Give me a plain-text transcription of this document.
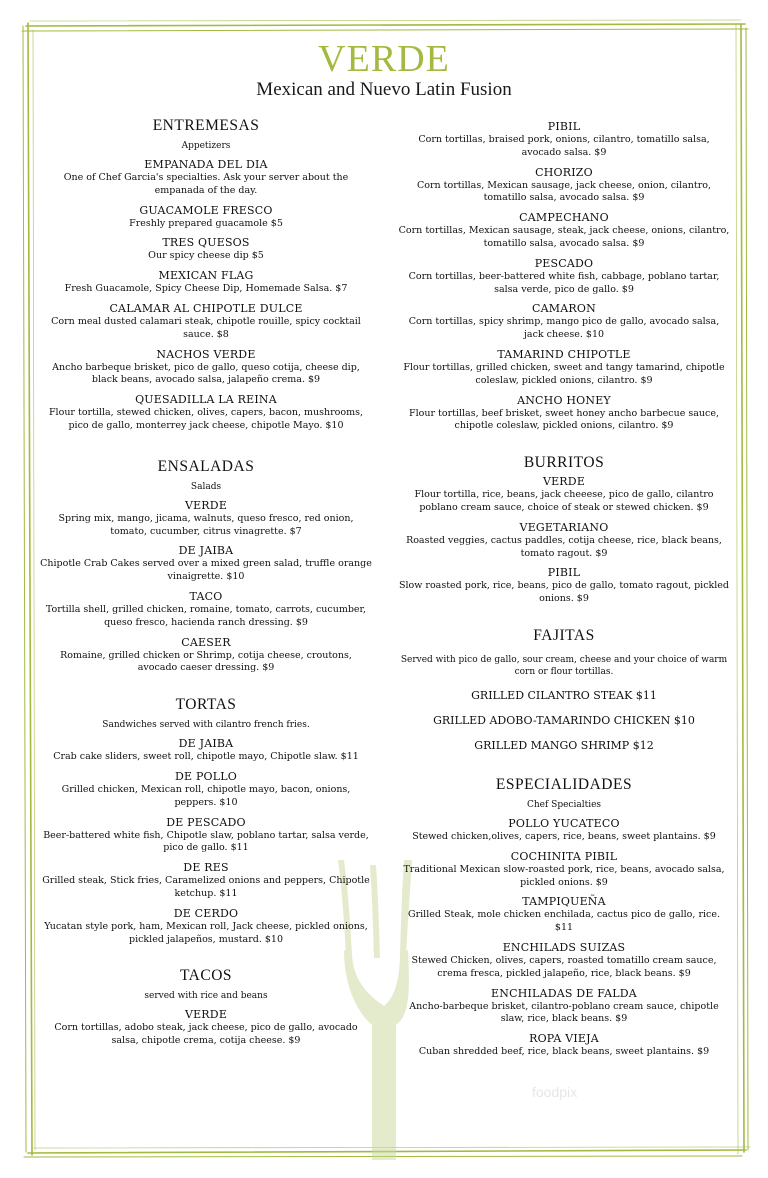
VERDE
Mexican and Nuevo Latin Fusion
ENTREMESAS
Appetizers
EMPANADA DEL DIA
One of Chef Garcia's specialties. Ask your server about the empanada of the day.
GUACAMOLE FRESCO
Freshly prepared guacamole $5
TRES QUESOS
Our spicy cheese dip $5
MEXICAN FLAG
Fresh Guacamole, Spicy Cheese Dip, Homemade Salsa. $7
CALAMAR AL CHIPOTLE DULCE
Corn meal dusted calamari steak, chipotle rouille, spicy cocktail sauce. $8
NACHOS VERDE
Ancho barbeque brisket, pico de gallo, queso cotija, cheese dip, black beans, avocado salsa, jalapeño crema. $9
QUESADILLA LA REINA
Flour tortilla, stewed chicken, olives, capers, bacon, mushrooms, pico de gallo, monterrey jack cheese, chipotle Mayo. $10
ENSALADAS
Salads
VERDE
Spring mix, mango, jicama, walnuts, queso fresco, red onion, tomato, cucumber, citrus vinagrette. $7
DE JAIBA
Chipotle Crab Cakes served over a mixed green salad, truffle orange vinaigrette. $10
TACO
Tortilla shell, grilled chicken, romaine, tomato, carrots, cucumber, queso fresco, hacienda ranch dressing. $9
CAESER
Romaine, grilled chicken or Shrimp, cotija cheese, croutons, avocado caeser dressing. $9
TORTAS
Sandwiches served with cilantro french fries.
DE JAIBA
Crab cake sliders, sweet roll, chipotle mayo, Chipotle slaw. $11
DE POLLO
Grilled chicken, Mexican roll, chipotle mayo, bacon, onions, peppers. $10
DE PESCADO
Beer-battered white fish, Chipotle slaw, poblano tartar, salsa verde, pico de gallo. $11
DE RES
Grilled steak, Stick fries, Caramelized onions and peppers, Chipotle ketchup. $11
DE CERDO
Yucatan style pork, ham, Mexican roll, Jack cheese, pickled onions, pickled jalapeños, mustard. $10
TACOS
served with rice and beans
VERDE
Corn tortillas, adobo steak, jack cheese, pico de gallo, avocado salsa, chipotle crema, cotija cheese. $9
PIBIL
Corn tortillas, braised pork, onions, cilantro, tomatillo salsa, avocado salsa. $9
CHORIZO
Corn tortillas, Mexican sausage, jack cheese, onion, cilantro, tomatillo salsa, avocado salsa. $9
CAMPECHANO
Corn tortillas, Mexican sausage, steak, jack cheese, onions, cilantro, tomatillo salsa, avocado salsa. $9
PESCADO
Corn tortillas, beer-battered white fish, cabbage, poblano tartar, salsa verde, pico de gallo. $9
CAMARON
Corn tortillas, spicy shrimp, mango pico de gallo, avocado salsa, jack cheese. $10
TAMARIND CHIPOTLE
Flour tortillas, grilled chicken, sweet and tangy tamarind, chipotle coleslaw, pickled onions, cilantro. $9
ANCHO HONEY
Flour tortillas, beef brisket, sweet honey ancho barbecue sauce, chipotle coleslaw, pickled onions, cilantro. $9
BURRITOS
VERDE
Flour tortilla, rice, beans, jack cheeese, pico de gallo, cilantro poblano cream sauce, choice of steak or stewed chicken. $9
VEGETARIANO
Roasted veggies, cactus paddles, cotija cheese, rice, black beans, tomato ragout. $9
PIBIL
Slow roasted pork, rice, beans, pico de gallo, tomato ragout, pickled onions. $9
FAJITAS
Served with pico de gallo, sour cream, cheese and your choice of warm corn or flour tortillas.
GRILLED CILANTRO STEAK $11
GRILLED ADOBO-TAMARINDO CHICKEN $10
GRILLED MANGO SHRIMP $12
ESPECIALIDADES
Chef Specialties
POLLO YUCATECO
Stewed chicken,olives, capers, rice, beans, sweet plantains. $9
COCHINITA PIBIL
Traditional Mexican slow-roasted pork, rice, beans, avocado salsa, pickled onions. $9
TAMPIQUEÑA
Grilled Steak, mole chicken enchilada, cactus pico de gallo, rice. $11
ENCHILADS SUIZAS
Stewed Chicken, olives, capers, roasted tomatillo cream sauce, crema fresca, pickled jalapeño, rice, black beans. $9
ENCHILADAS DE FALDA
Ancho-barbeque brisket, cilantro-poblano cream sauce, chipotle slaw, rice, black beans. $9
ROPA VIEJA
Cuban shredded beef, rice, black beans, sweet plantains. $9
foodpix
